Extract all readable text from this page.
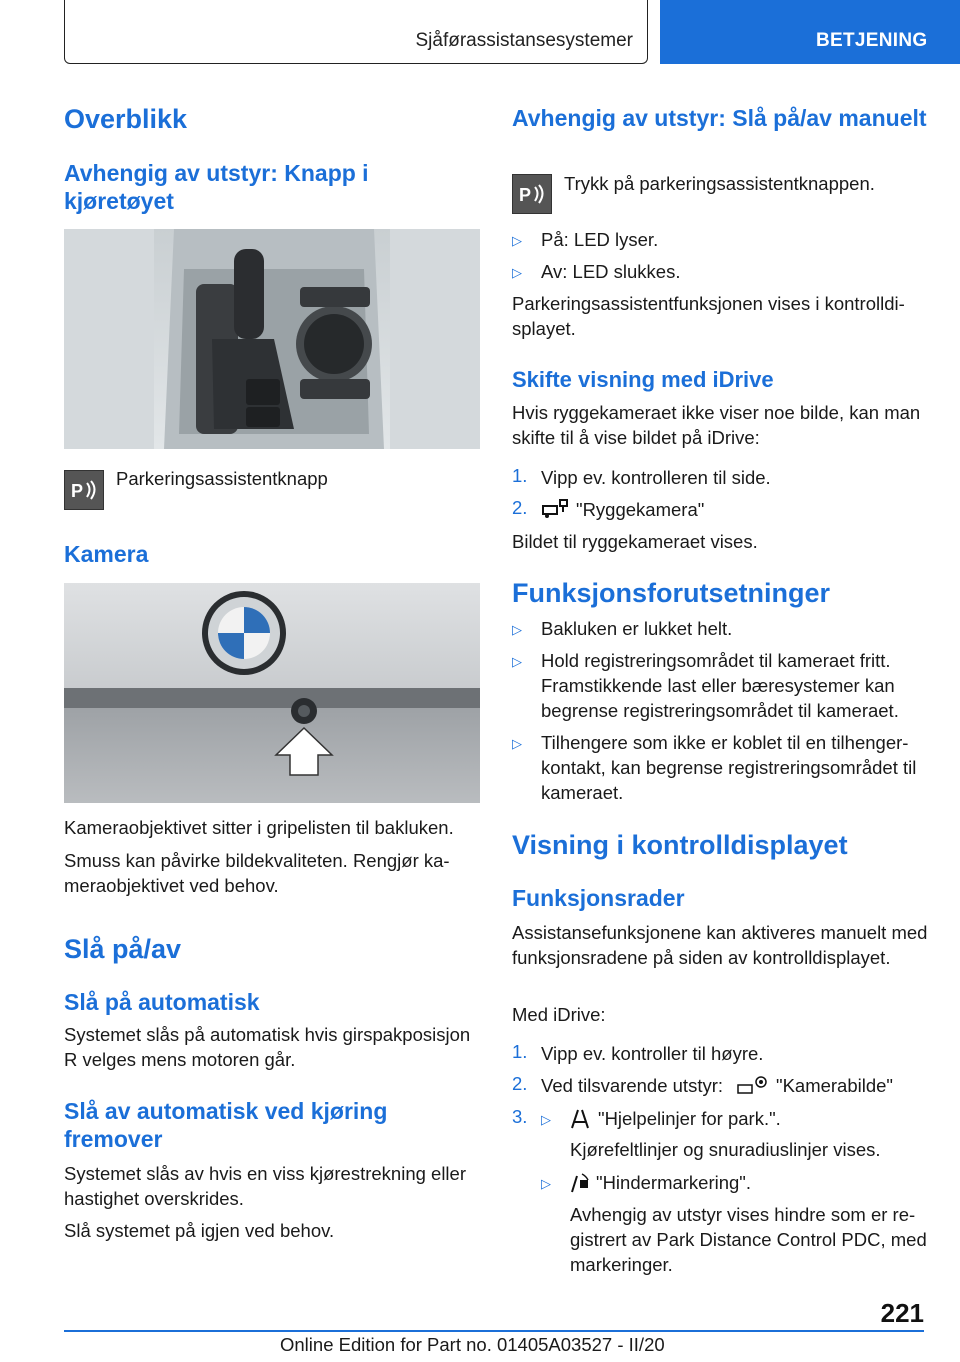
Sjåførassistansesystemer	BETJENING
Overblikk
Avhengig av utstyr: Knapp i kjøretøyet
P
Parkeringsassistentknapp
Kamera
Kameraobjektivet sitter i gripelisten til bakluken.
Smuss kan påvirke bildekvaliteten. Rengjør kameraobjektivet ved behov.
Slå på/av
Slå på automatisk
Systemet slås på automatisk hvis girspakposisjon R velges mens motoren går.
Slå av automatisk ved kjøring fremover
Systemet slås av hvis en viss kjørestrekning eller hastighet overskrides.
Slå systemet på igjen ved behov.
Avhengig av utstyr: Slå på/av manuelt
P
Trykk på parkeringsassistentknappen.
▷ På: LED lyser.
▷ Av: LED slukkes.
Parkeringsassistentfunksjonen vises i kontrolldisplayet.
Skifte visning med iDrive
Hvis ryggekameraet ikke viser noe bilde, kan man skifte til å vise bildet på iDrive:
1. Vipp ev. kontrolleren til side.
2.	"Ryggekamera"
Bildet til ryggekameraet vises.
Funksjonsforutsetninger
▷ Bakluken er lukket helt.
▷ Hold registreringsområdet til kameraet fritt. Framstikkende last eller bæresystemer kan begrense registreringsområdet til kameraet.
▷ Tilhengere som ikke er koblet til en tilhengerkontakt, kan begrense registreringsområdet til kameraet.
Visning i kontrolldisplayet
Funksjonsrader
Assistansefunksjonene kan aktiveres manuelt med funksjonsradene på siden av kontrolldisplayet.
Med iDrive:
1. Vipp ev. kontroller til høyre.
2. Ved tilsvarende utstyr:	"Kamerabilde"
3. ▷	"Hjelpelinjer for park.".
Kjørefeltlinjer og snuradiuslinjer vises.
▷ "Hindermarkering".
Avhengig av utstyr vises hindre som er registrert av Park Distance Control PDC, med markeringer.
221
Online Edition for Part no. 01405A03527 - II/20
